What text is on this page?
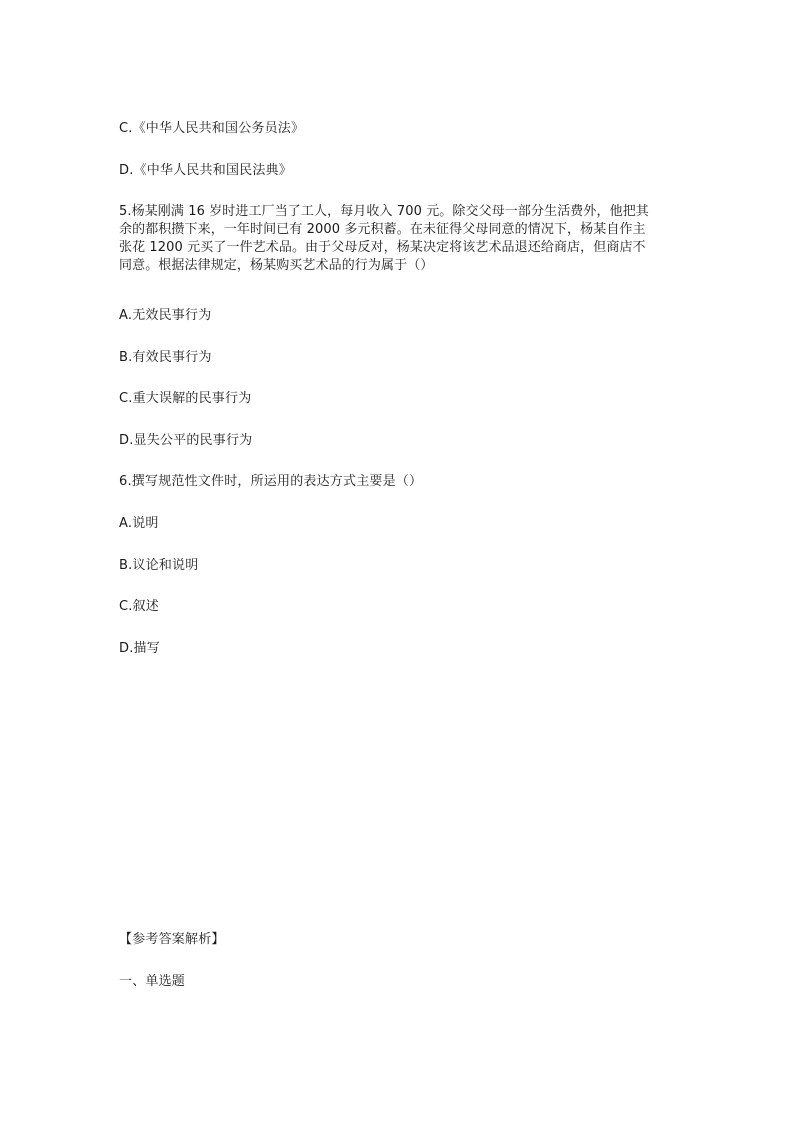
C.《中华人民共和国公务员法》
D.《中华人民共和国民法典》
5.杨某刚满 16 岁时进工厂当了工人，每月收入 700 元。除交父母一部分生活费外，他把其
余的都积攒下来，一年时间已有 2000 多元积蓄。在未征得父母同意的情况下，杨某自作主
张花 1200 元买了一件艺术品。由于父母反对，杨某决定将该艺术品退还给商店，但商店不
同意。根据法律规定，杨某购买艺术品的行为属于（）
A.无效民事行为
B.有效民事行为
C.重大误解的民事行为
D.显失公平的民事行为
6.撰写规范性文件时，所运用的表达方式主要是（）
A.说明
B.议论和说明
C.叙述
D.描写
【参考答案解析】
一、单选题
